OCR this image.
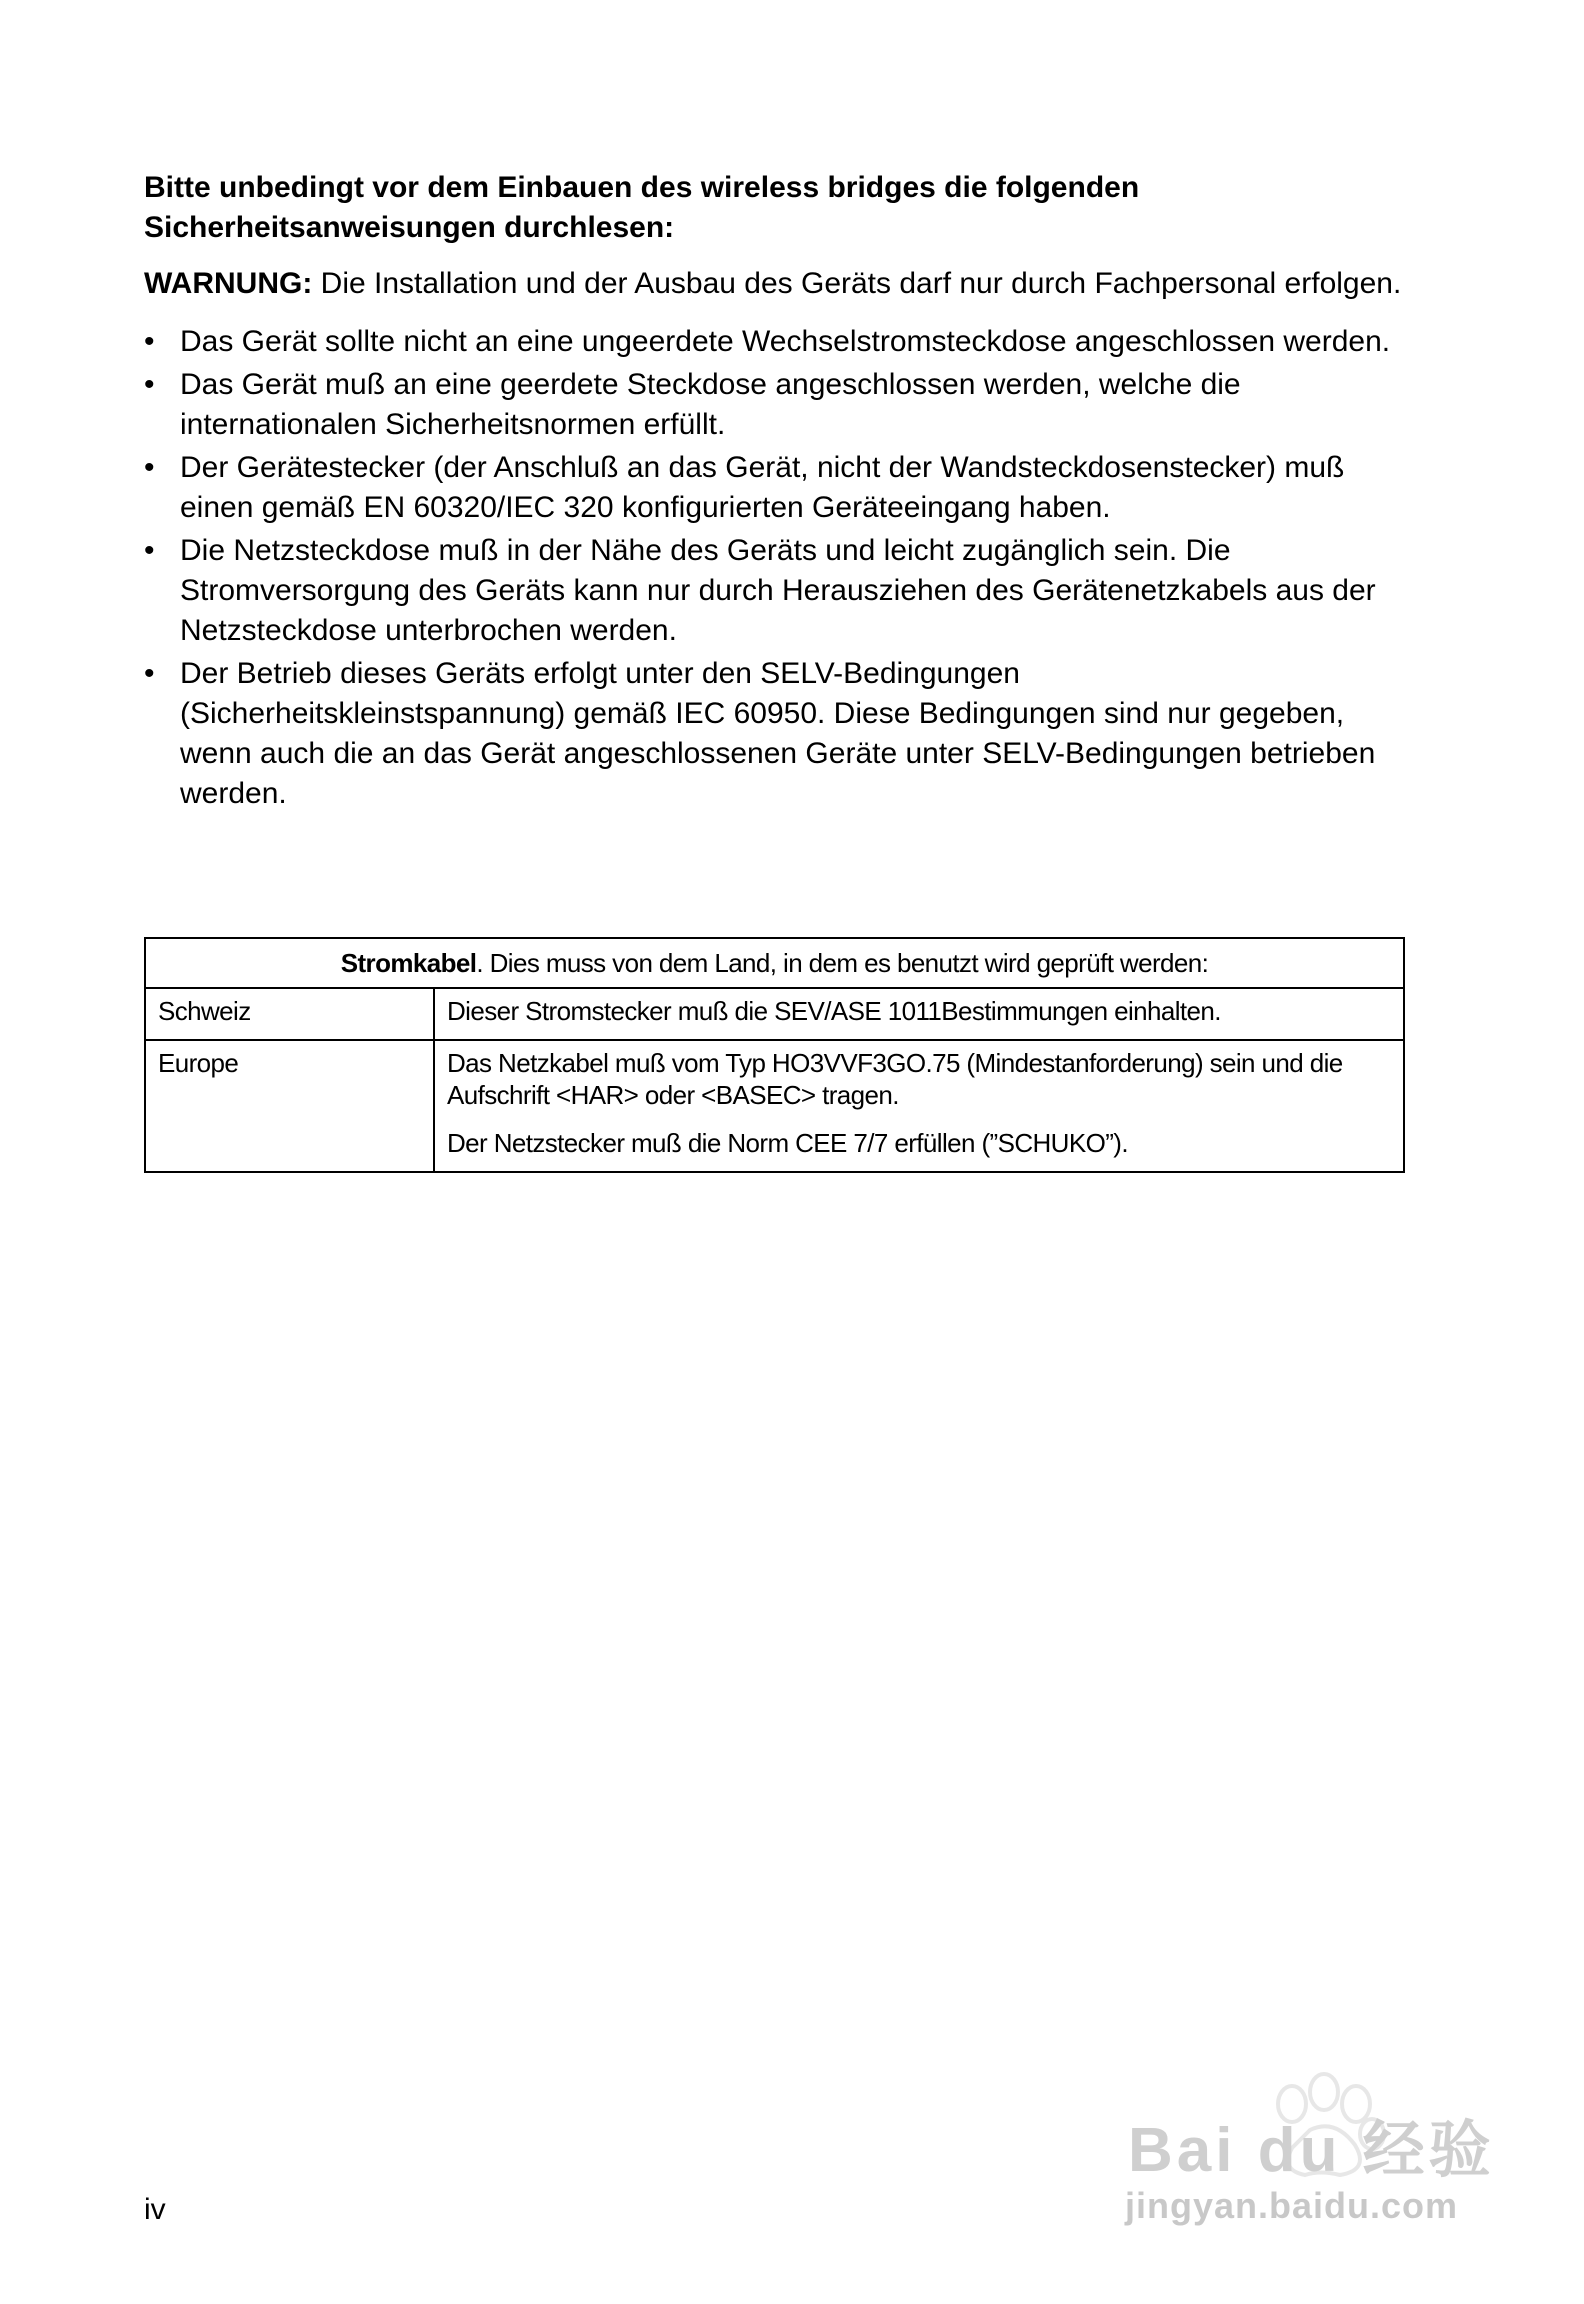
Bitte unbedingt vor dem Einbauen des wireless bridges die folgenden Sicherheitsanweisungen durchlesen:

WARNUNG: Die Installation und der Ausbau des Geräts darf nur durch Fachpersonal erfolgen.

• Das Gerät sollte nicht an eine ungeerdete Wechselstromsteckdose angeschlossen werden.
• Das Gerät muß an eine geerdete Steckdose angeschlossen werden, welche die internationalen Sicherheitsnormen erfüllt.
• Der Gerätestecker (der Anschluß an das Gerät, nicht der Wandsteckdosenstecker) muß einen gemäß EN 60320/IEC 320 konfigurierten Geräteeingang haben.
• Die Netzsteckdose muß in der Nähe des Geräts und leicht zugänglich sein. Die Stromversorgung des Geräts kann nur durch Herausziehen des Gerätenetzkabels aus der Netzsteckdose unterbrochen werden.
• Der Betrieb dieses Geräts erfolgt unter den SELV-Bedingungen (Sicherheitskleinstspannung) gemäß IEC 60950. Diese Bedingungen sind nur gegeben, wenn auch die an das Gerät angeschlossenen Geräte unter SELV-Bedingungen betrieben werden.
Stromkabel. Dies muss von dem Land, in dem es benutzt wird geprüft werden:	
Schweiz	Dieser Stromstecker muß die SEV/ASE 1011Bestimmungen einhalten.

Europe	Das Netzkabel muß vom Typ HO3VVF3GO.75 (Mindestanforderung) sein und die Aufschrift <HAR> oder <BASEC> tragen.

Der Netzstecker muß die Norm CEE 7/7 erfüllen (”SCHUKO”).

iv
Bai du 经验
jingyan.baidu.com
